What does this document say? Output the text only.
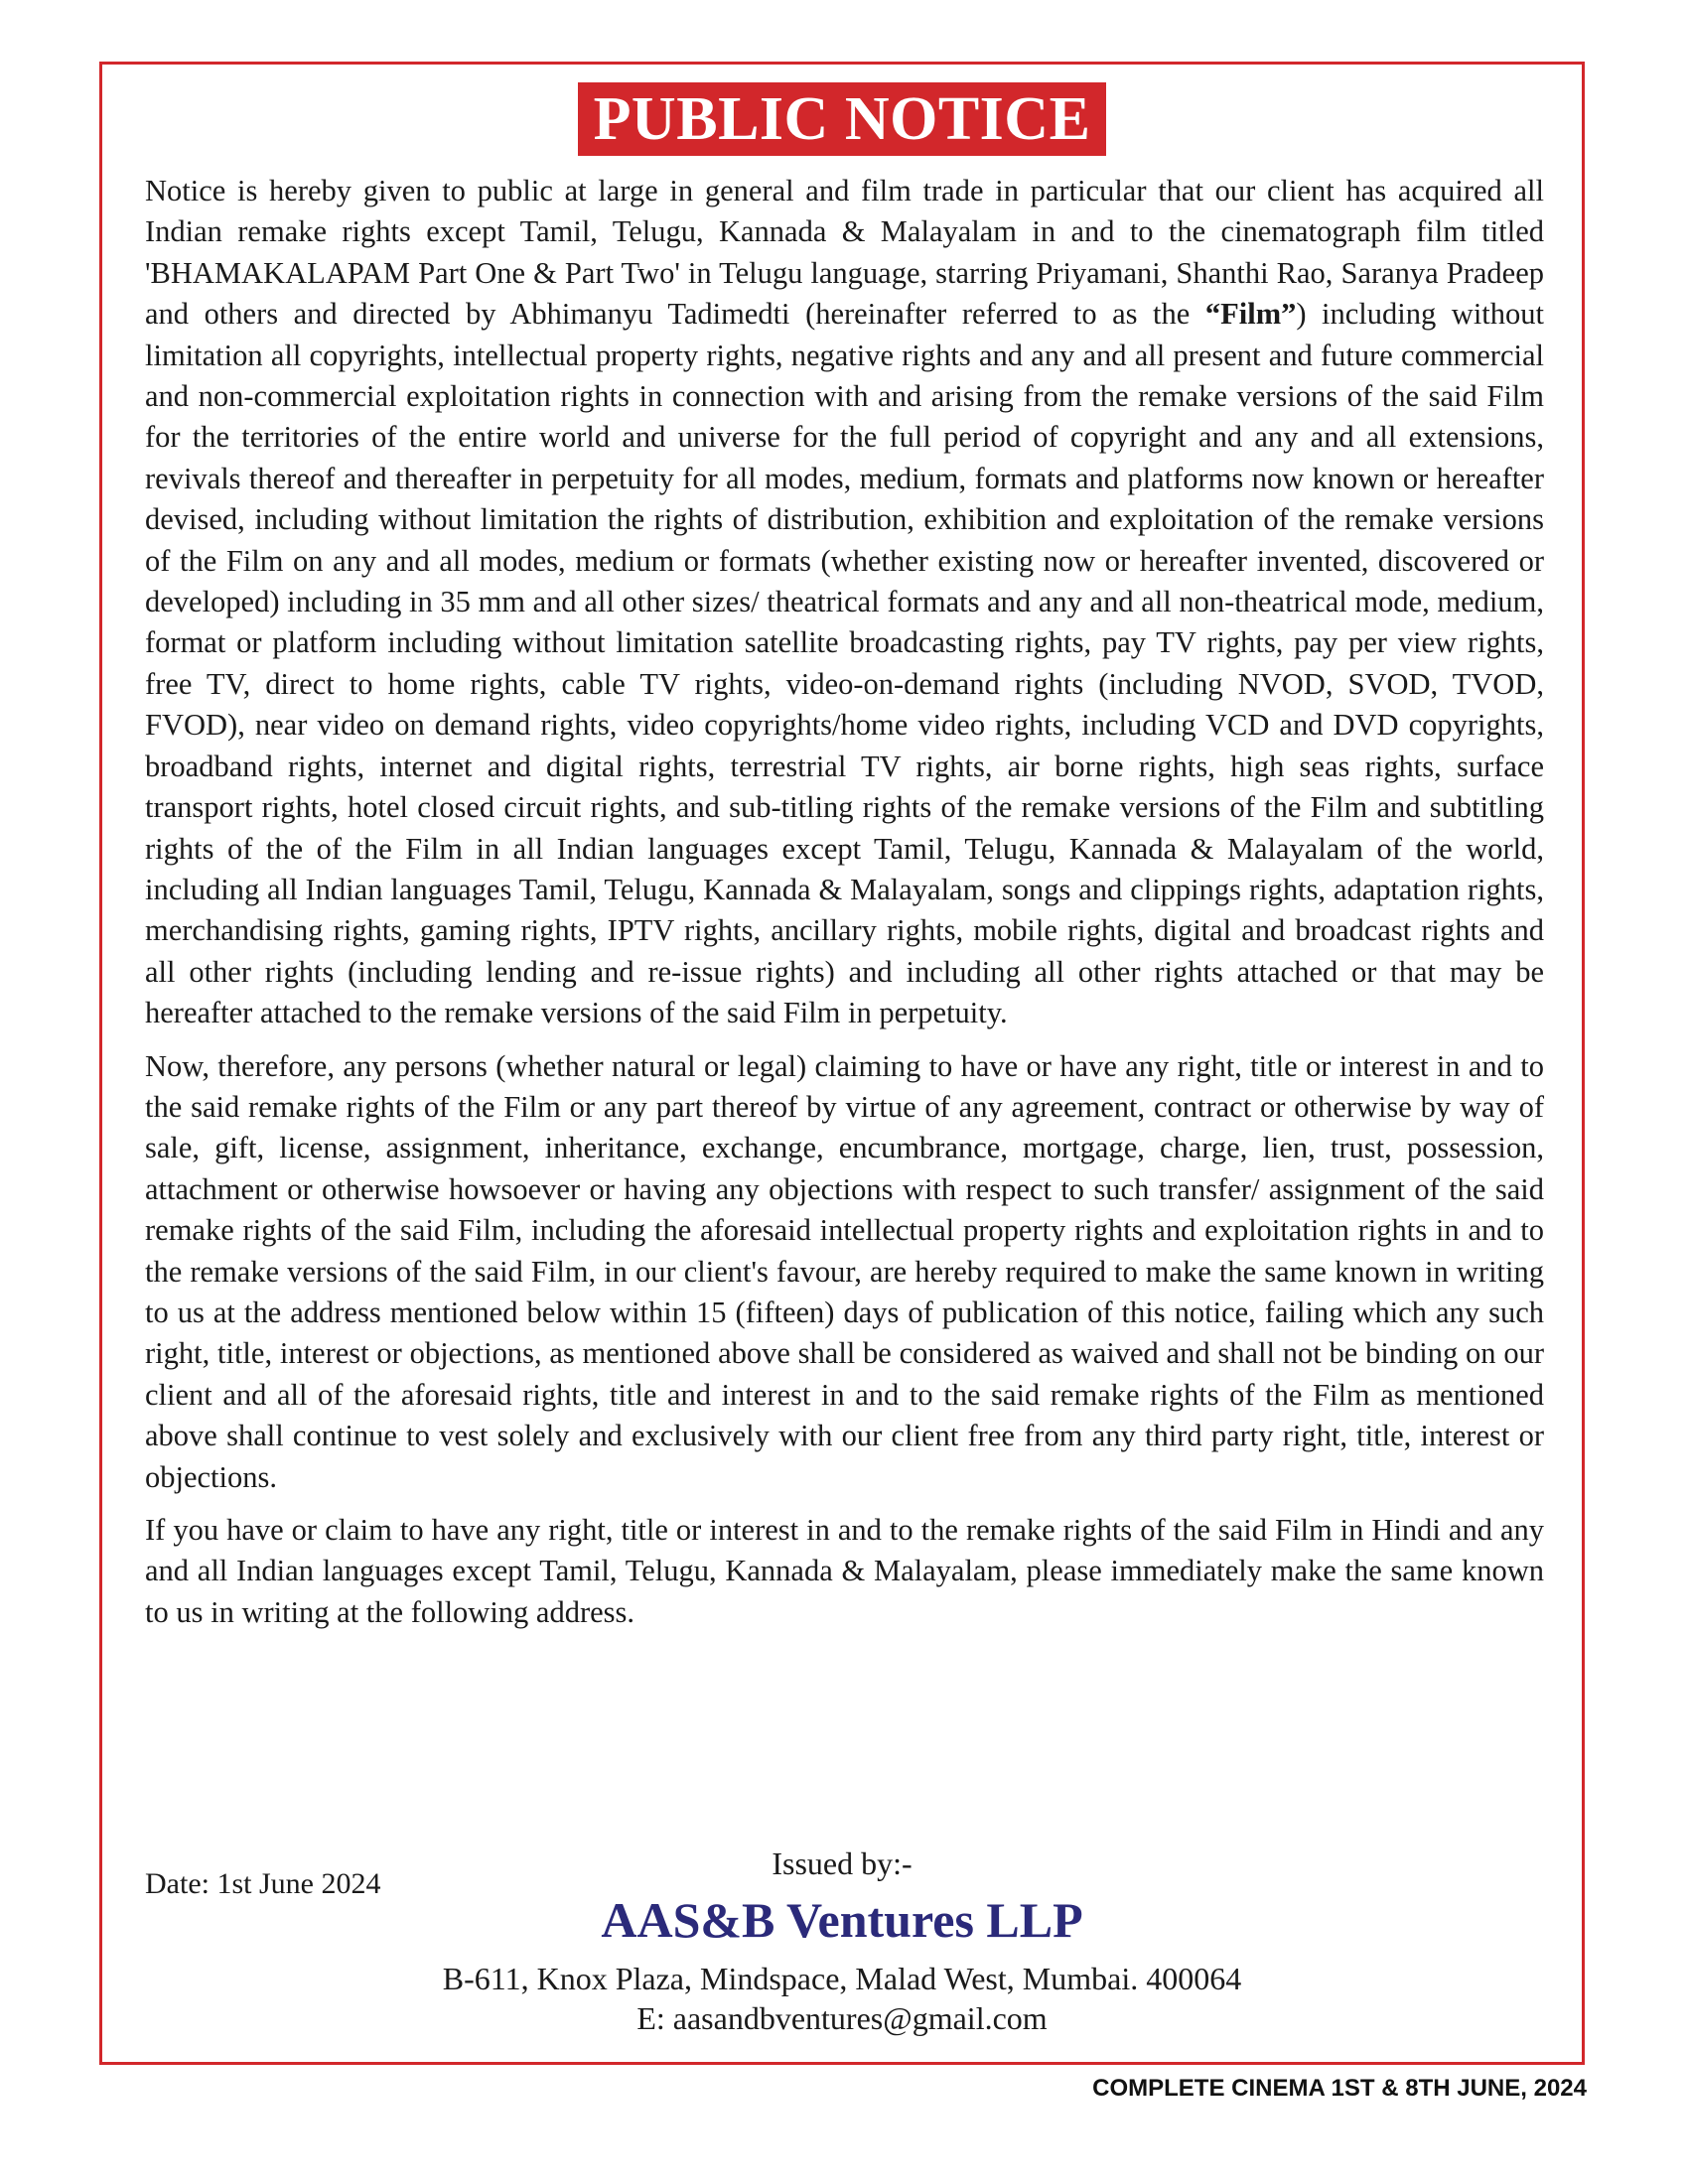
PUBLIC NOTICE

Notice is hereby given to public at large in general and film trade in particular that our client has acquired all Indian remake rights except Tamil, Telugu, Kannada & Malayalam in and to the cinematograph film titled 'BHAMAKALAPAM Part One & Part Two' in Telugu language, starring Priyamani, Shanthi Rao, Saranya Pradeep and others and directed by Abhimanyu Tadimedti (hereinafter referred to as the “Film”) including without limitation all copyrights, intellectual property rights, negative rights and any and all present and future commercial and non-commercial exploitation rights in connection with and arising from the remake versions of the said Film for the territories of the entire world and universe for the full period of copyright and any and all extensions, revivals thereof and thereafter in perpetuity for all modes, medium, formats and platforms now known or hereafter devised, including without limitation the rights of distribution, exhibition and exploitation of the remake versions of the Film on any and all modes, medium or formats (whether existing now or hereafter invented, discovered or developed) including in 35 mm and all other sizes/ theatrical formats and any and all non-theatrical mode, medium, format or platform including without limitation satellite broadcasting rights, pay TV rights, pay per view rights, free TV, direct to home rights, cable TV rights, video-on-demand rights (including NVOD, SVOD, TVOD, FVOD), near video on demand rights, video copyrights/home video rights, including VCD and DVD copyrights, broadband rights, internet and digital rights, terrestrial TV rights, air borne rights, high seas rights, surface transport rights, hotel closed circuit rights, and sub-titling rights of the remake versions of the Film and subtitling rights of the of the Film in all Indian languages except Tamil, Telugu, Kannada & Malayalam of the world, including all Indian languages Tamil, Telugu, Kannada & Malayalam, songs and clippings rights, adaptation rights, merchandising rights, gaming rights, IPTV rights, ancillary rights, mobile rights, digital and broadcast rights and all other rights (including lending and re-issue rights) and including all other rights attached or that may be hereafter attached to the remake versions of the said Film in perpetuity.

Now, therefore, any persons (whether natural or legal) claiming to have or have any right, title or interest in and to the said remake rights of the Film or any part thereof by virtue of any agreement, contract or otherwise by way of sale, gift, license, assignment, inheritance, exchange, encumbrance, mortgage, charge, lien, trust, possession, attachment or otherwise howsoever or having any objections with respect to such transfer/ assignment of the said remake rights of the said Film, including the aforesaid intellectual property rights and exploitation rights in and to the remake versions of the said Film, in our client's favour, are hereby required to make the same known in writing to us at the address mentioned below within 15 (fifteen) days of publication of this notice, failing which any such right, title, interest or objections, as mentioned above shall be considered as waived and shall not be binding on our client and all of the aforesaid rights, title and interest in and to the said remake rights of the Film as mentioned above shall continue to vest solely and exclusively with our client free from any third party right, title, interest or objections.

If you have or claim to have any right, title or interest in and to the remake rights of the said Film in Hindi and any and all Indian languages except Tamil, Telugu, Kannada & Malayalam, please immediately make the same known to us in writing at the following address.

Date: 1st June 2024
Issued by:-
AAS&B Ventures LLP
B-611, Knox Plaza, Mindspace, Malad West, Mumbai. 400064
E: aasandbventures@gmail.com
COMPLETE CINEMA 1ST & 8TH JUNE, 2024
